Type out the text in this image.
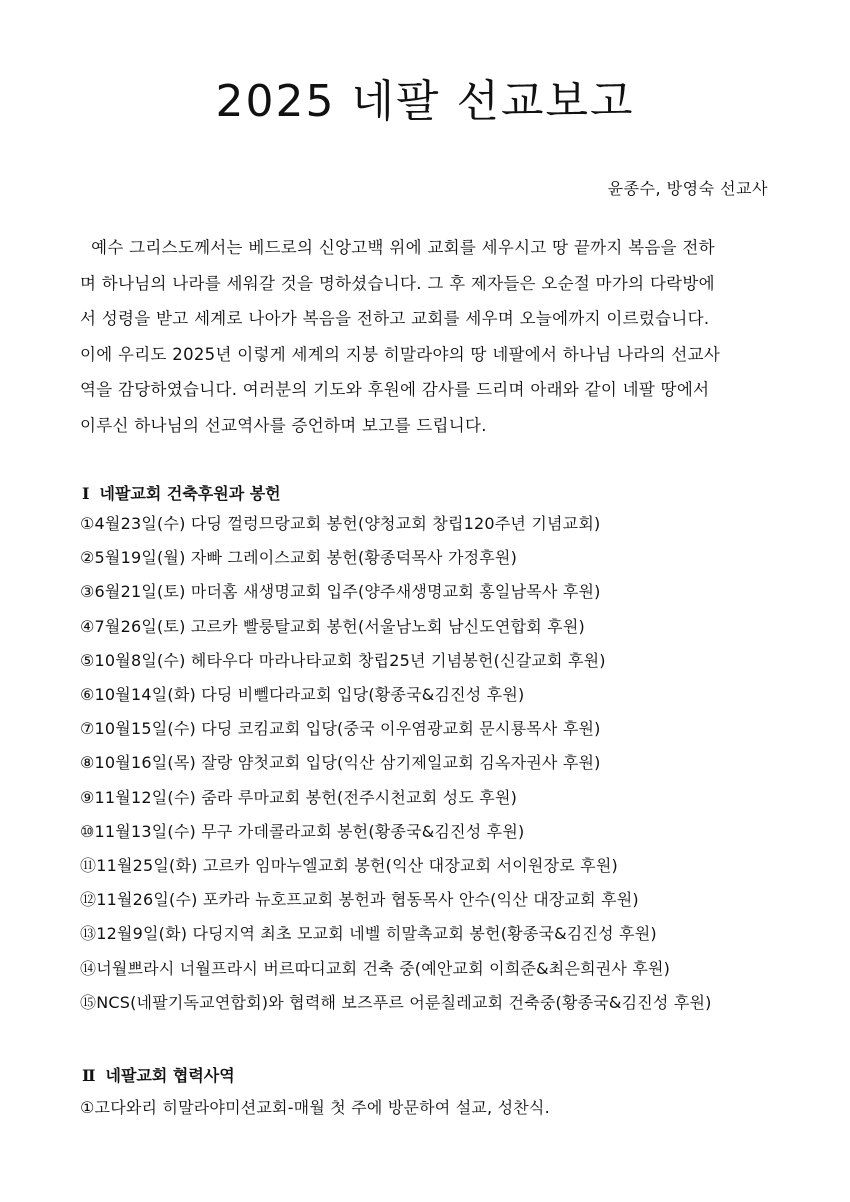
2025 네팔 선교보고
윤종수, 방영숙 선교사
예수 그리스도께서는 베드로의 신앙고백 위에 교회를 세우시고 땅 끝까지 복음을 전하
며 하나님의 나라를 세워갈 것을 명하셨습니다. 그 후 제자들은 오순절 마가의 다락방에
서 성령을 받고 세계로 나아가 복음을 전하고 교회를 세우며 오늘에까지 이르렀습니다.
이에 우리도 2025년 이렇게 세계의 지붕 히말라야의 땅 네팔에서 하나님 나라의 선교사
역을 감당하였습니다. 여러분의 기도와 후원에 감사를 드리며 아래와 같이 네팔 땅에서
이루신 하나님의 선교역사를 증언하며 보고를 드립니다.
Ⅰ 네팔교회 건축후원과 봉헌
①4월23일(수) 다딩 껄렁므랑교회 봉헌(양청교회 창립120주년 기념교회)
②5월19일(월) 자빠 그레이스교회 봉헌(황종덕목사 가정후원)
③6월21일(토) 마더홈 새생명교회 입주(양주새생명교회 홍일남목사 후원)
④7월26일(토) 고르카 빨룽탈교회 봉헌(서울남노회 남신도연합회 후원)
⑤10월8일(수) 헤타우다 마라나타교회 창립25년 기념봉헌(신갈교회 후원)
⑥10월14일(화) 다딩 비뻴다라교회 입당(황종국&김진성 후원)
⑦10월15일(수) 다딩 코킴교회 입당(중국 이우염광교회 문시룡목사 후원)
⑧10월16일(목) 잘랑 얌첫교회 입당(익산 삼기제일교회 김옥자권사 후원)
⑨11월12일(수) 줌라 루마교회 봉헌(전주시천교회 성도 후원)
⑩11월13일(수) 무구 가데콜라교회 봉헌(황종국&김진성 후원)
⑪11월25일(화) 고르카 임마누엘교회 봉헌(익산 대장교회 서이원장로 후원)
⑫11월26일(수) 포카라 뉴호프교회 봉헌과 협동목사 안수(익산 대장교회 후원)
⑬12월9일(화) 다딩지역 최초 모교회 네벨 히말촉교회 봉헌(황종국&김진성 후원)
⑭너월쁘라시 너월프라시 버르따디교회 건축 중(예안교회 이희준&최은희권사 후원)
⑮NCS(네팔기독교연합회)와 협력해 보즈푸르 어룬칠레교회 건축중(황종국&김진성 후원)
Ⅱ 네팔교회 협력사역
①고다와리 히말라야미션교회-매월 첫 주에 방문하여 설교, 성찬식.
